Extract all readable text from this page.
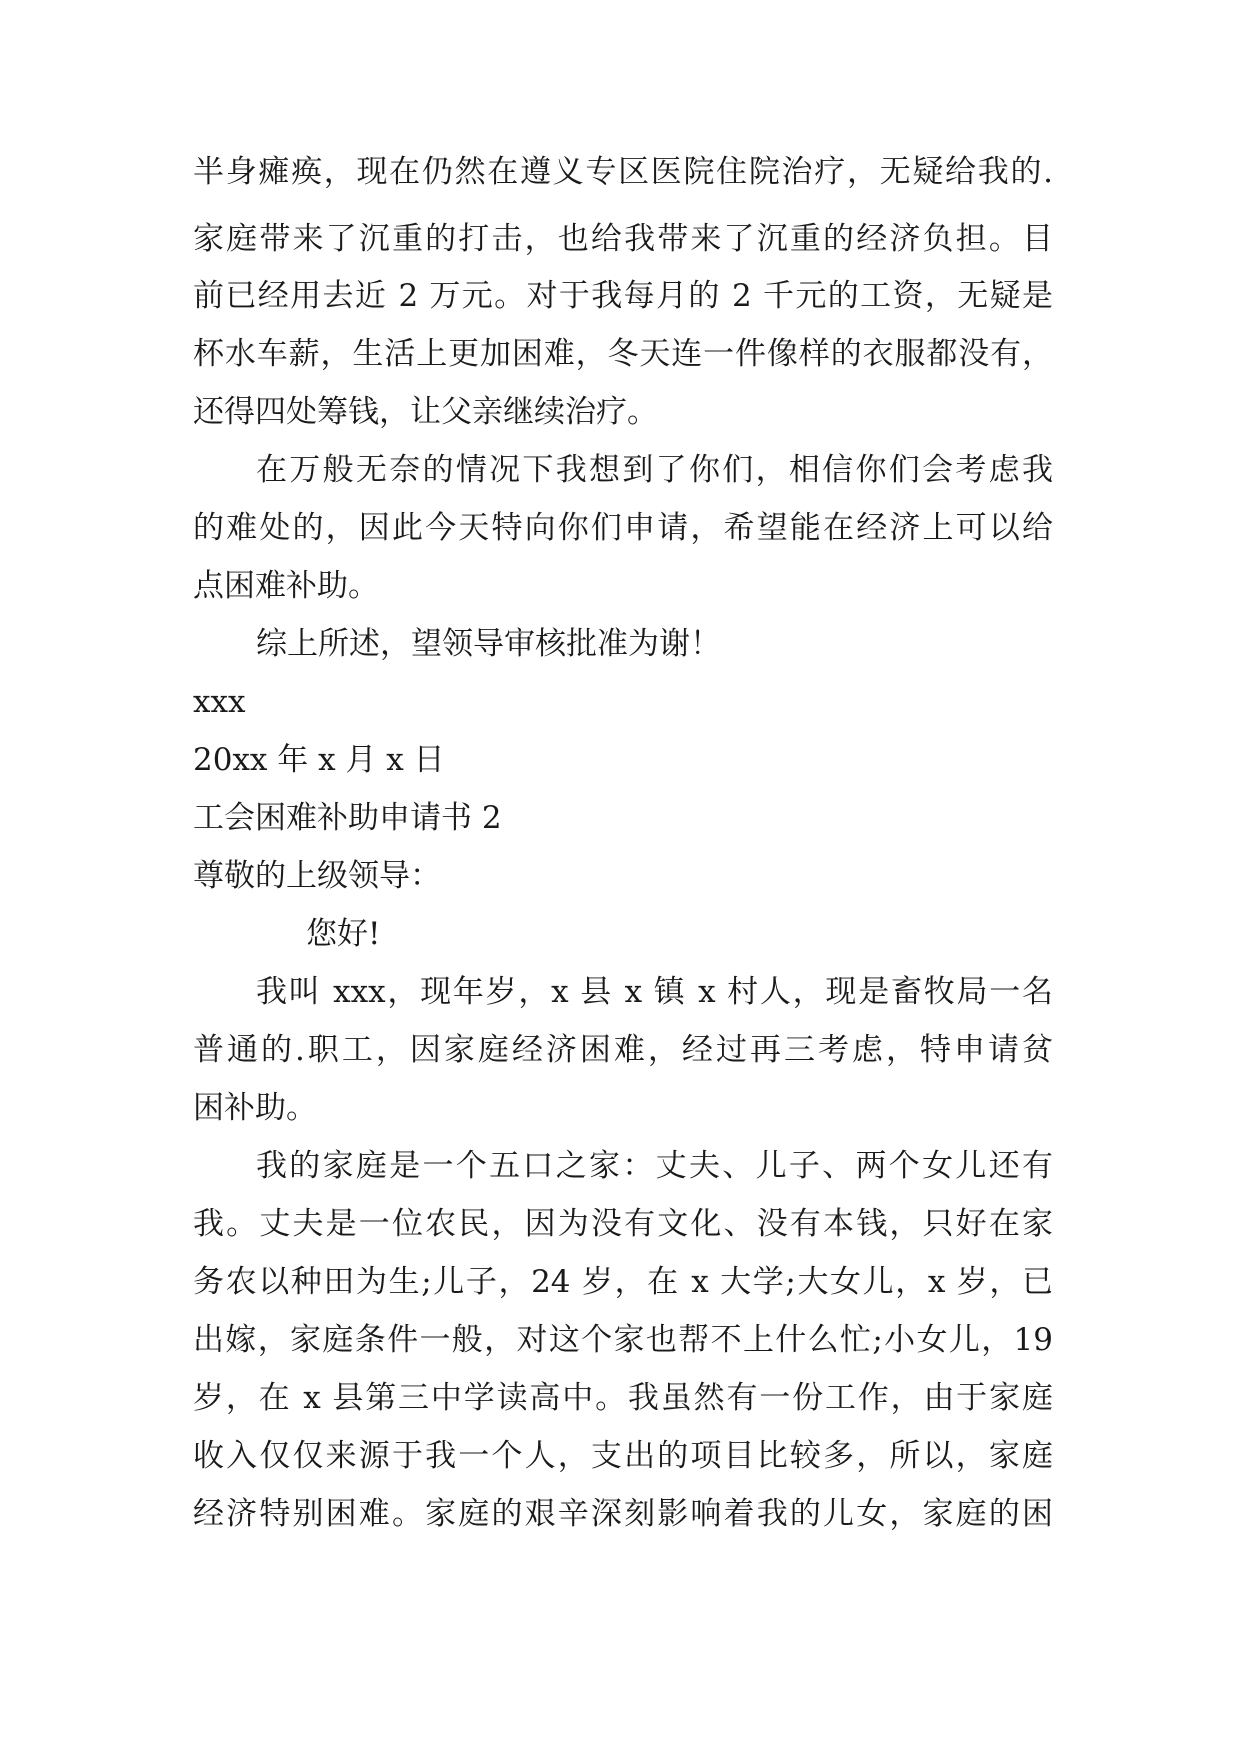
半身瘫痪，现在仍然在遵义专区医院住院治疗，无疑给我的.
家庭带来了沉重的打击，也给我带来了沉重的经济负担。目
前已经用去近 2 万元。对于我每月的 2 千元的工资，无疑是
杯水车薪，生活上更加困难，冬天连一件像样的衣服都没有，
还得四处筹钱，让父亲继续治疗。
在万般无奈的情况下我想到了你们，相信你们会考虑我
的难处的，因此今天特向你们申请，希望能在经济上可以给
点困难补助。
综上所述，望领导审核批准为谢！
xxx
20xx 年 x 月 x 日
工会困难补助申请书 2
尊敬的上级领导：
您好!
我叫 xxx，现年岁，x 县 x 镇 x 村人，现是畜牧局一名
普通的.职工，因家庭经济困难，经过再三考虑，特申请贫
困补助。
我的家庭是一个五口之家：丈夫、儿子、两个女儿还有
我。丈夫是一位农民，因为没有文化、没有本钱，只好在家
务农以种田为生;儿子，24 岁，在 x 大学;大女儿，x 岁，已
出嫁，家庭条件一般，对这个家也帮不上什么忙;小女儿，19
岁，在 x 县第三中学读高中。我虽然有一份工作，由于家庭
收入仅仅来源于我一个人，支出的项目比较多，所以，家庭
经济特别困难。家庭的艰辛深刻影响着我的儿女，家庭的困
